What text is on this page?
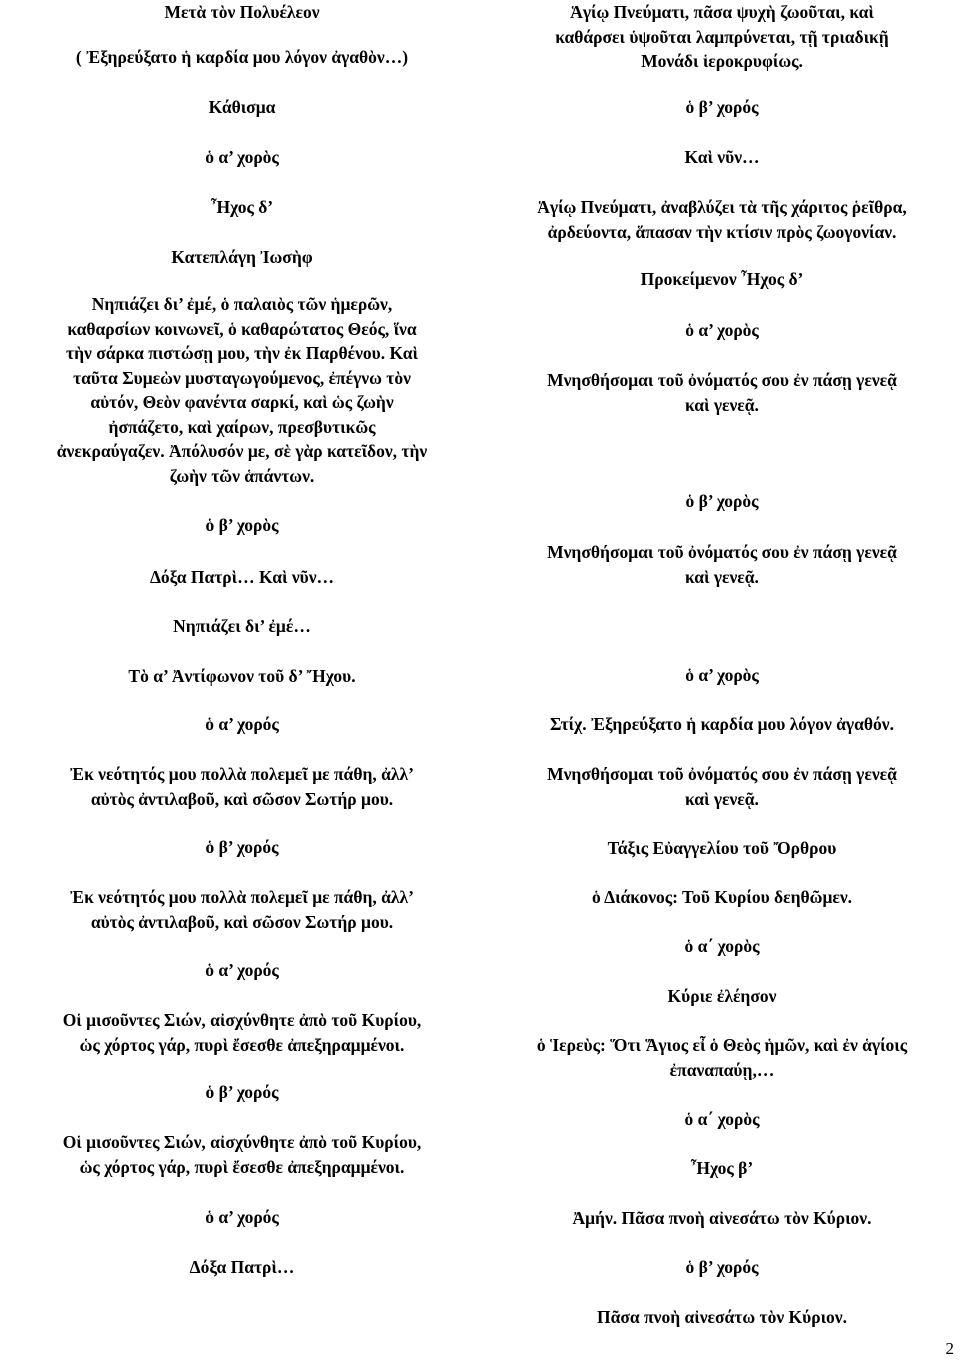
Μετὰ τὸν Πολυέλεον
( Ἐξηρεύξατο ἡ καρδία μου λόγον ἀγαθὸν…)
Κάθισμα
ὁ α’ χορὸς
Ἦχος δ’
Κατεπλάγη Ἰωσὴφ
Νηπιάζει δι’ ἐμέ, ὁ παλαιὸς τῶν ἡμερῶν,
καθαρσίων κοινωνεῖ, ὁ καθαρώτατος Θεός, ἵνα
τὴν σάρκα πιστώσῃ μου, τὴν ἐκ Παρθένου. Καὶ
ταῦτα Συμεὼν μυσταγωγούμενος, ἐπέγνω τὸν
αὐτόν, Θεὸν φανέντα σαρκί, καὶ ὡς ζωὴν
ἠσπάζετο, καὶ χαίρων, πρεσβυτικῶς
ἀνεκραύγαζεν. Ἀπόλυσόν με, σὲ γὰρ κατεῖδον, τὴν
ζωὴν τῶν ἁπάντων.
ὁ β’ χορὸς
Δόξα Πατρὶ… Καὶ νῦν…
Νηπιάζει δι’ ἐμέ…
Τὸ α’ Ἀντίφωνον τοῦ δ’ Ἤχου.
ὁ α’ χορός
Ἐκ νεότητός μου πολλὰ πολεμεῖ με πάθη, ἀλλ’
αὐτὸς ἀντιλαβοῦ, καὶ σῶσον Σωτήρ μου.
ὁ β’ χορός
Ἐκ νεότητός μου πολλὰ πολεμεῖ με πάθη, ἀλλ’
αὐτὸς ἀντιλαβοῦ, καὶ σῶσον Σωτήρ μου.
ὁ α’ χορός
Οἱ μισοῦντες Σιών, αἰσχύνθητε ἀπὸ τοῦ Κυρίου,
ὡς χόρτος γάρ, πυρὶ ἔσεσθε ἀπεξηραμμένοι.
ὁ β’ χορός
Οἱ μισοῦντες Σιών, αἰσχύνθητε ἀπὸ τοῦ Κυρίου,
ὡς χόρτος γάρ, πυρὶ ἔσεσθε ἀπεξηραμμένοι.
ὁ α’ χορός
Δόξα Πατρὶ…
Ἁγίῳ Πνεύματι, πᾶσα ψυχὴ ζωοῦται, καὶ
καθάρσει ὑψοῦται λαμπρύνεται, τῇ τριαδικῇ
Μονάδι ἱεροκρυφίως.
ὁ β’ χορός
Καὶ νῦν…
Ἁγίῳ Πνεύματι, ἀναβλύζει τὰ τῆς χάριτος ῥεῖθρα,
ἀρδεύοντα, ἅπασαν τὴν κτίσιν πρὸς ζωογονίαν.
Προκείμενον Ἦχος δ’
ὁ α’ χορὸς
Μνησθήσομαι τοῦ ὀνόματός σου ἐν πάσῃ γενεᾷ
καὶ γενεᾷ.
ὁ β’ χορὸς
Μνησθήσομαι τοῦ ὀνόματός σου ἐν πάσῃ γενεᾷ
καὶ γενεᾷ.
ὁ α’ χορὸς
Στίχ. Ἐξηρεύξατο ἡ καρδία μου λόγον ἀγαθόν.
Μνησθήσομαι τοῦ ὀνόματός σου ἐν πάσῃ γενεᾷ
καὶ γενεᾷ.
Τάξις Εὐαγγελίου τοῦ Ὄρθρου
ὁ Διάκονος: Τοῦ Κυρίου δεηθῶμεν.
ὁ α΄ χορὸς
Κύριε ἐλέησον
ὁ Ἱερεὺς: Ὅτι Ἅγιος εἶ ὁ Θεὸς ἡμῶν, καὶ ἐν ἁγίοις
ἐπαναπαύῃ,…
ὁ α΄ χορὸς
Ἦχος β’
Ἀμήν. Πᾶσα πνοὴ αἰνεσάτω τὸν Κύριον.
ὁ β’ χορός
Πᾶσα πνοὴ αἰνεσάτω τὸν Κύριον.
2
